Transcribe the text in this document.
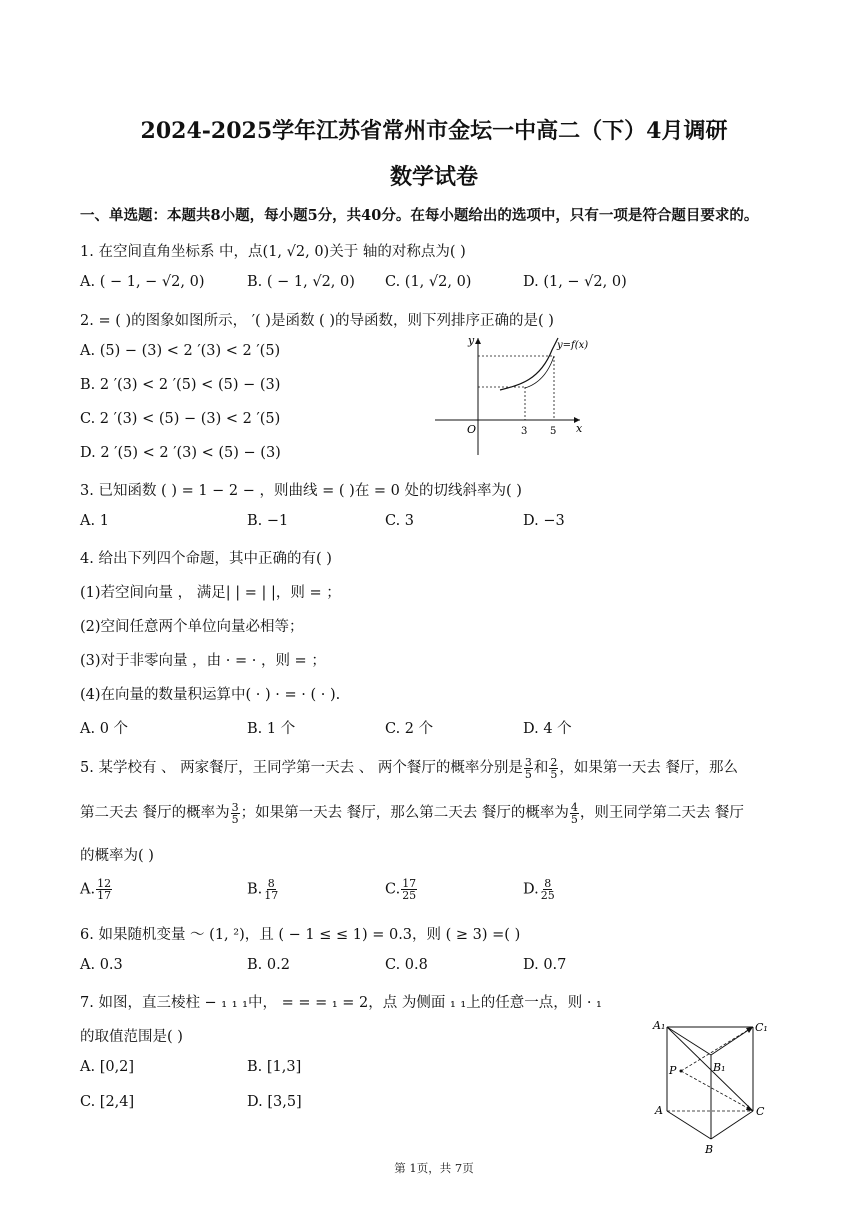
2024-2025学年江苏省常州市金坛一中高二（下）4月调研
数学试卷
一、单选题：本题共8小题，每小题5分，共40分。在每小题给出的选项中，只有一项是符合题目要求的。
1. 在空间直角坐标系 中，点(1, √2, 0)关于 轴的对称点为( )
A. ( − 1, − √2, 0)	B. ( − 1, √2, 0) C. (1, √2, 0)	D. (1, − √2, 0)
2. = ( )的图象如图所示， ′( )是函数 ( )的导函数，则下列排序正确的是( )
A. (5) − (3) < 2 ′(3) < 2 ′(5)
B. 2 ′(3) < 2 ′(5) < (5) − (3)
C. 2 ′(3) < (5) − (3) < 2 ′(5)
D. 2 ′(5) < 2 ′(3) < (5) − (3)
y
x
O	3 5
y=f(x)
3. 已知函数 ( ) = 1 − 2 − ，则曲线 = ( )在 = 0 处的切线斜率为( )
A. 1	B. −1	C. 3	D. −3
4. 给出下列四个命题，其中正确的有( )
(1)若空间向量 ， 满足| | = | |，则 = ；
(2)空间任意两个单位向量必相等；
(3)对于非零向量 ，由 · = · ，则 = ；
(4)在向量的数量积运算中( · ) · = · ( · ).
A. 0 个	B. 1 个	C. 2 个	D. 4 个
5. 某学校有 、 两家餐厅，王同学第一天去 、 两个餐厅的概率分别是 $\frac{3}{5}$ 和 $\frac{2}{5}$ ，如果第一天去 餐厅，那么
第二天去 餐厅的概率为 $\frac{3}{5}$ ；如果第一天去 餐厅，那么第二天去 餐厅的概率为 $\frac{4}{5}$ ，则王同学第二天去 餐厅
的概率为( )
A. $\frac{12}{17}$	B. $\frac{8}{17}$	C. $\frac{17}{25}$	D. $\frac{8}{25}$
6. 如果随机变量 ～ (1, ²)，且 ( − 1 ≤ ≤ 1) = 0.3，则 ( ≥ 3) =( )
A. 0.3	B. 0.2	C. 0.8	D. 0.7
7. 如图，直三棱柱 − ₁ ₁ ₁中， = = = ₁ = 2，点 为侧面 ₁ ₁上的任意一点，则 · ₁
的取值范围是( )
A. [0,2]	B. [1,3]
C. [2,4]	D. [3,5]
A₁	C₁
B₁
P
A	C
B
第 1页，共 7页
